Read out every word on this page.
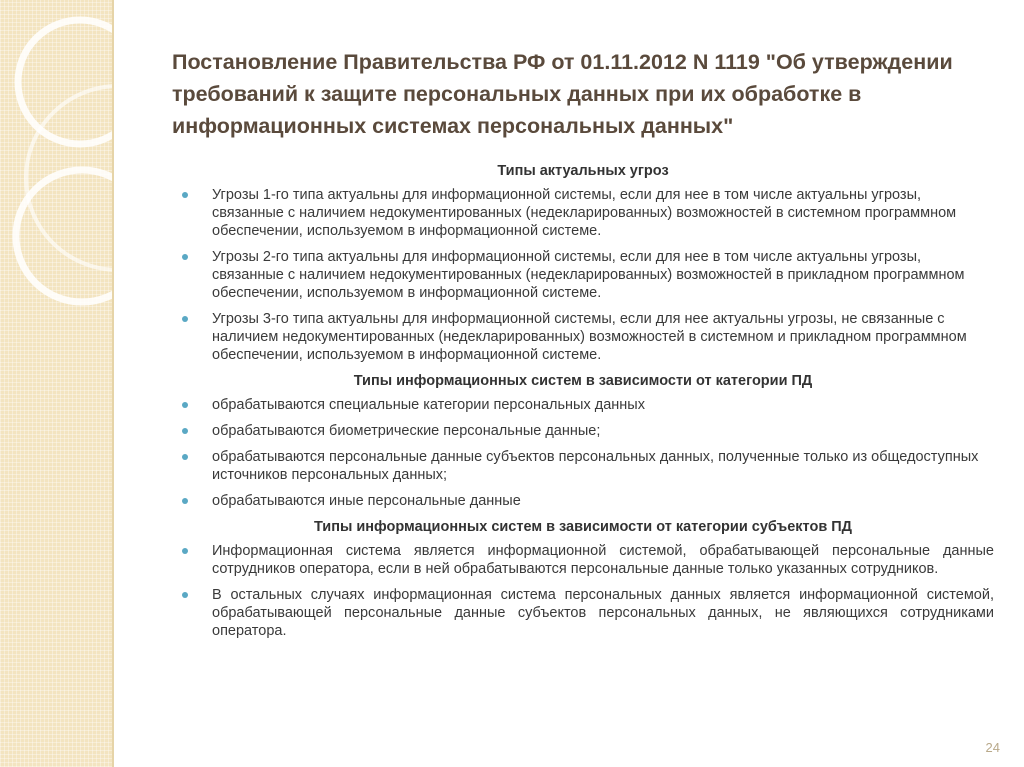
Постановление Правительства РФ от 01.11.2012 N 1119 "Об утверждении требований к защите персональных данных при их обработке в информационных системах персональных данных"
Типы актуальных угроз
Угрозы 1-го типа актуальны для информационной системы, если для нее в том числе актуальны угрозы, связанные с наличием недокументированных (недекларированных) возможностей в системном программном обеспечении, используемом в информационной системе.
Угрозы 2-го типа актуальны для информационной системы, если для нее в том числе актуальны угрозы, связанные с наличием недокументированных (недекларированных) возможностей в прикладном программном обеспечении, используемом в информационной системе.
Угрозы 3-го типа актуальны для информационной системы, если для нее актуальны угрозы, не связанные с наличием недокументированных (недекларированных) возможностей в системном и прикладном программном обеспечении, используемом в информационной системе.
Типы информационных систем в зависимости от категории ПД
обрабатываются специальные категории персональных данных
обрабатываются биометрические персональные данные;
обрабатываются персональные данные субъектов персональных данных, полученные только из общедоступных источников персональных данных;
обрабатываются иные персональные данные
Типы информационных систем в зависимости от категории субъектов ПД
Информационная система является информационной системой, обрабатывающей персональные данные сотрудников оператора, если в ней обрабатываются персональные данные только указанных сотрудников.
В остальных случаях информационная система персональных данных является информационной системой, обрабатывающей персональные данные субъектов персональных данных, не являющихся сотрудниками оператора.
24
